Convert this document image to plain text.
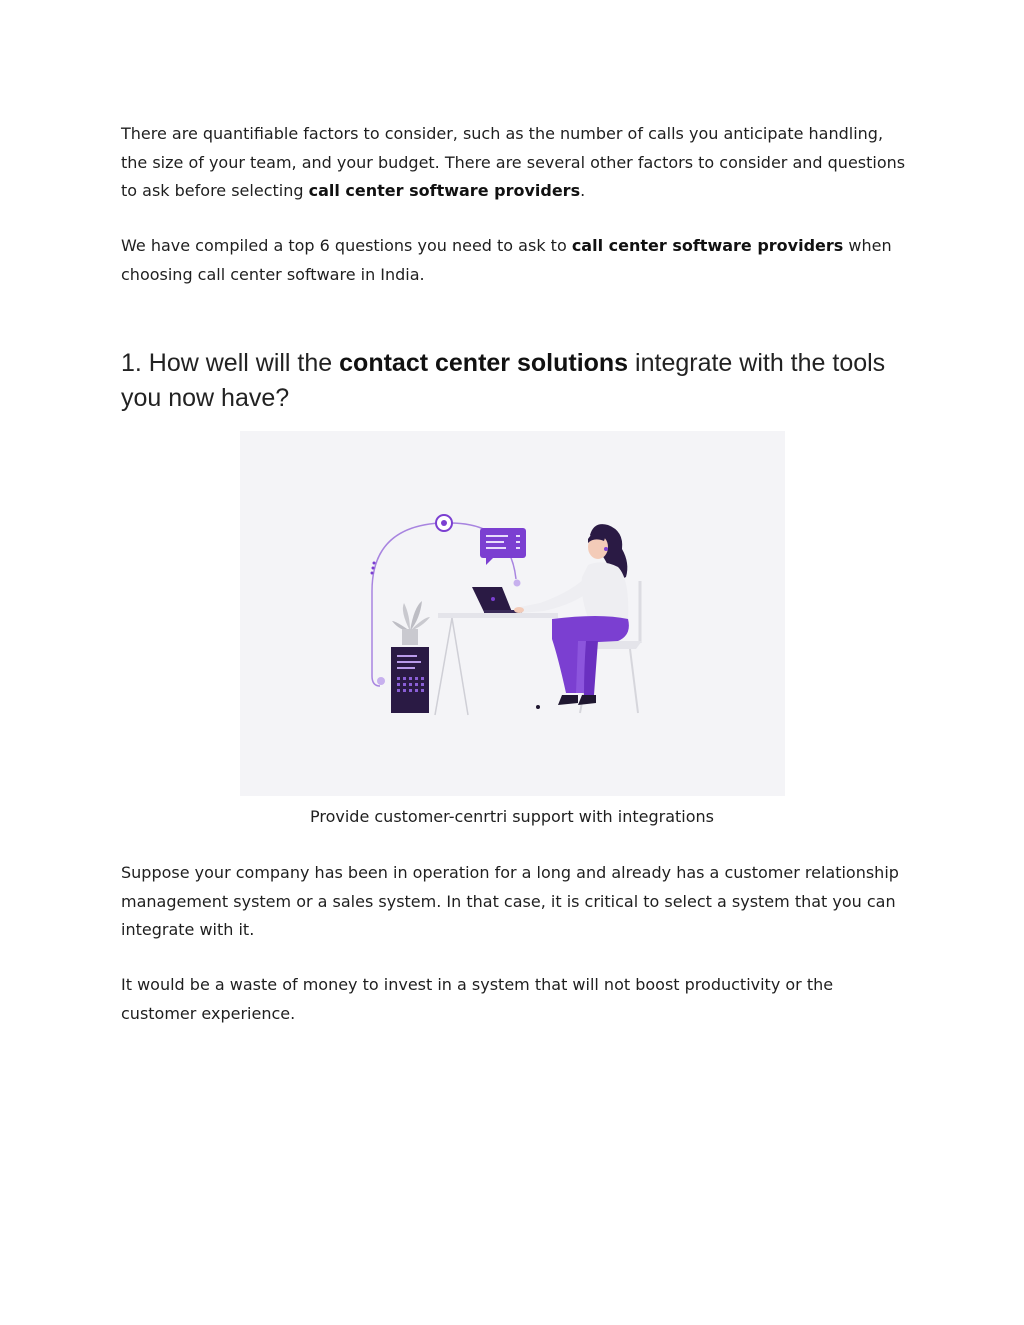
There are quantifiable factors to consider, such as the number of calls you anticipate handling, the size of your team, and your budget. There are several other factors to consider and questions to ask before selecting call center software providers.

We have compiled a top 6 questions you need to ask to call center software providers when choosing call center software in India.

1. How well will the contact center solutions integrate with the tools you now have?

Provide customer-cenrtri support with integrations

Suppose your company has been in operation for a long and already has a customer relationship management system or a sales system. In that case, it is critical to select a system that you can integrate with it.

It would be a waste of money to invest in a system that will not boost productivity or the customer experience.
